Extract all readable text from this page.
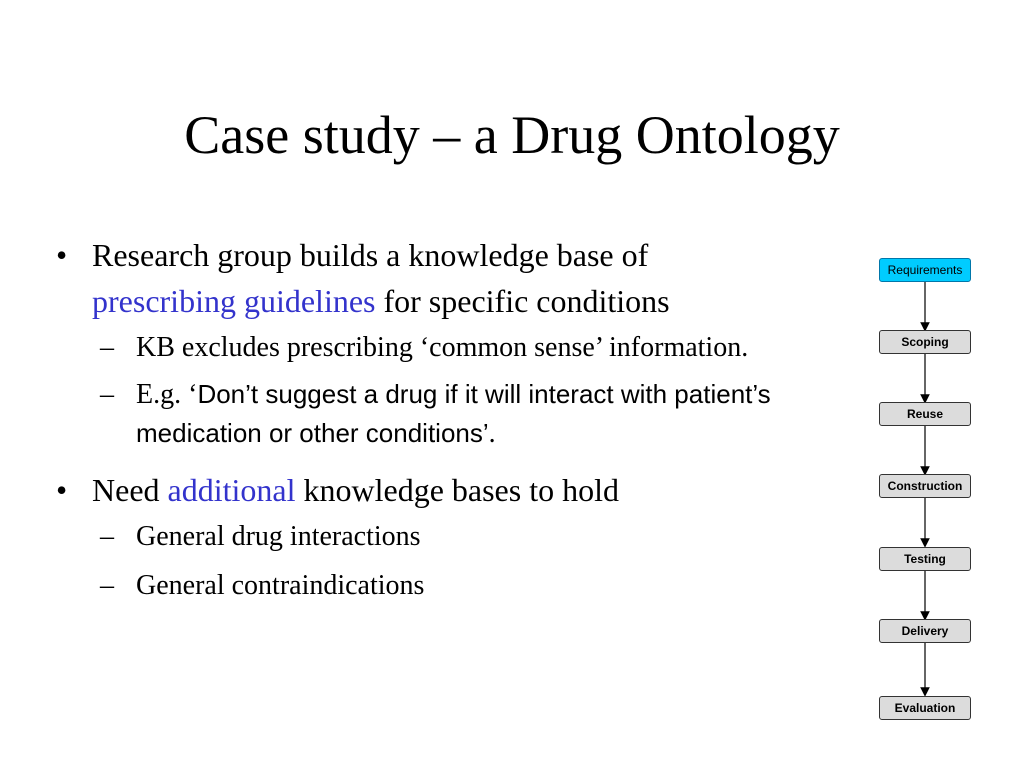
Case study – a Drug Ontology

• Research group builds a knowledge base of
prescribing guidelines for specific conditions

– KB excludes prescribing ‘common sense’ information.

– E.g. ‘Don’t suggest a drug if it will interact with patient’s medication or other conditions’.

• Need additional knowledge bases to hold

– General drug interactions

– General contraindications

Requirements
Scoping
Reuse
Construction
Testing
Delivery
Evaluation
